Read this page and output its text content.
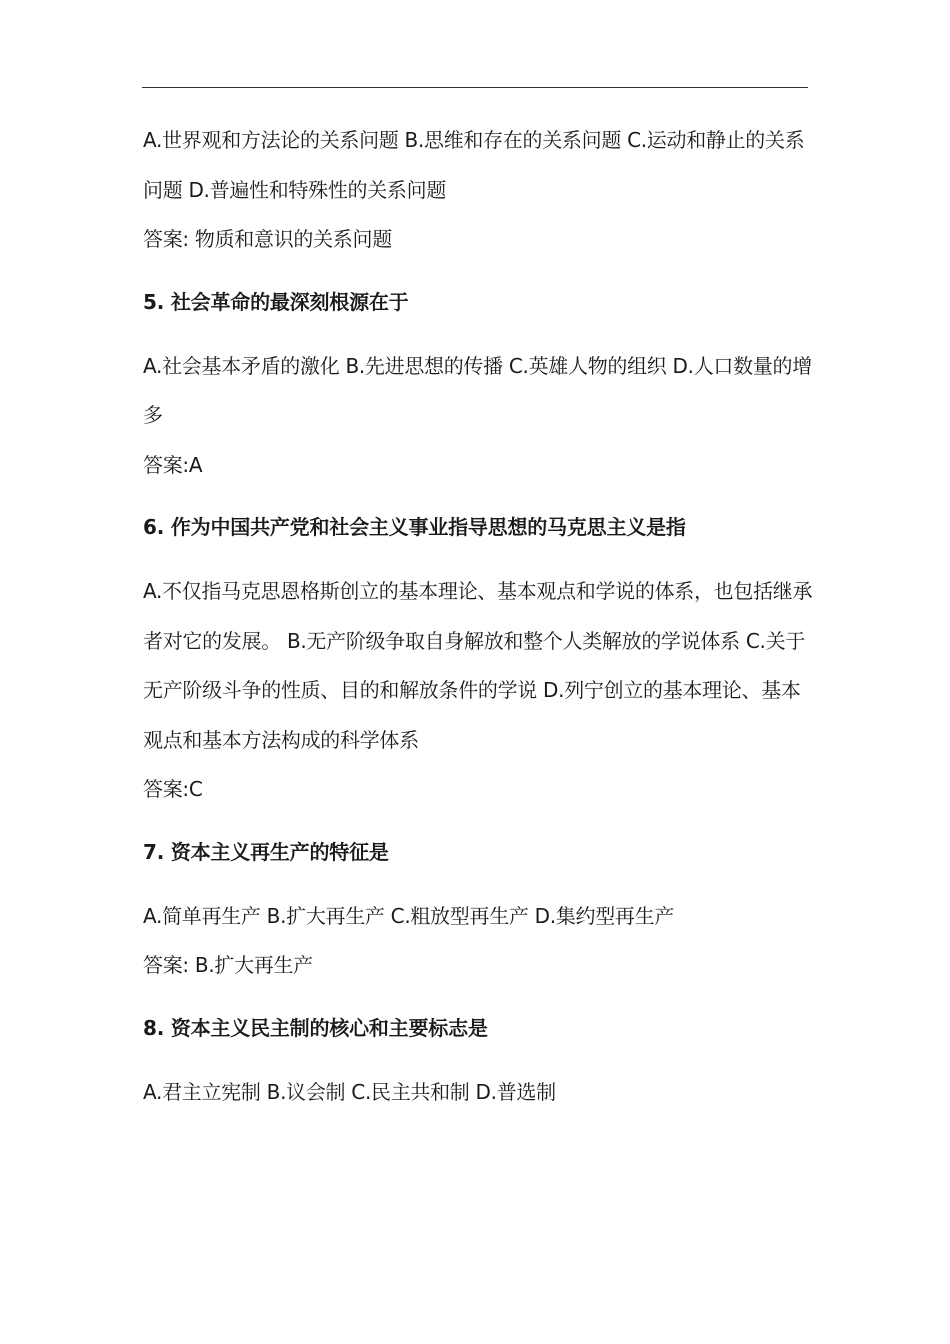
A.世界观和方法论的关系问题 B.思维和存在的关系问题 C.运动和静止的关系问题 D.普遍性和特殊性的关系问题

答案: 物质和意识的关系问题

5. 社会革命的最深刻根源在于

A.社会基本矛盾的激化 B.先进思想的传播 C.英雄人物的组织 D.人口数量的增多

答案:A

6. 作为中国共产党和社会主义事业指导思想的马克思主义是指

A.不仅指马克思恩格斯创立的基本理论、基本观点和学说的体系，也包括继承者对它的发展。 B.无产阶级争取自身解放和整个人类解放的学说体系 C.关于无产阶级斗争的性质、目的和解放条件的学说 D.列宁创立的基本理论、基本观点和基本方法构成的科学体系

答案:C

7. 资本主义再生产的特征是

A.简单再生产 B.扩大再生产 C.粗放型再生产 D.集约型再生产

答案: B.扩大再生产

8. 资本主义民主制的核心和主要标志是

A.君主立宪制 B.议会制 C.民主共和制 D.普选制
